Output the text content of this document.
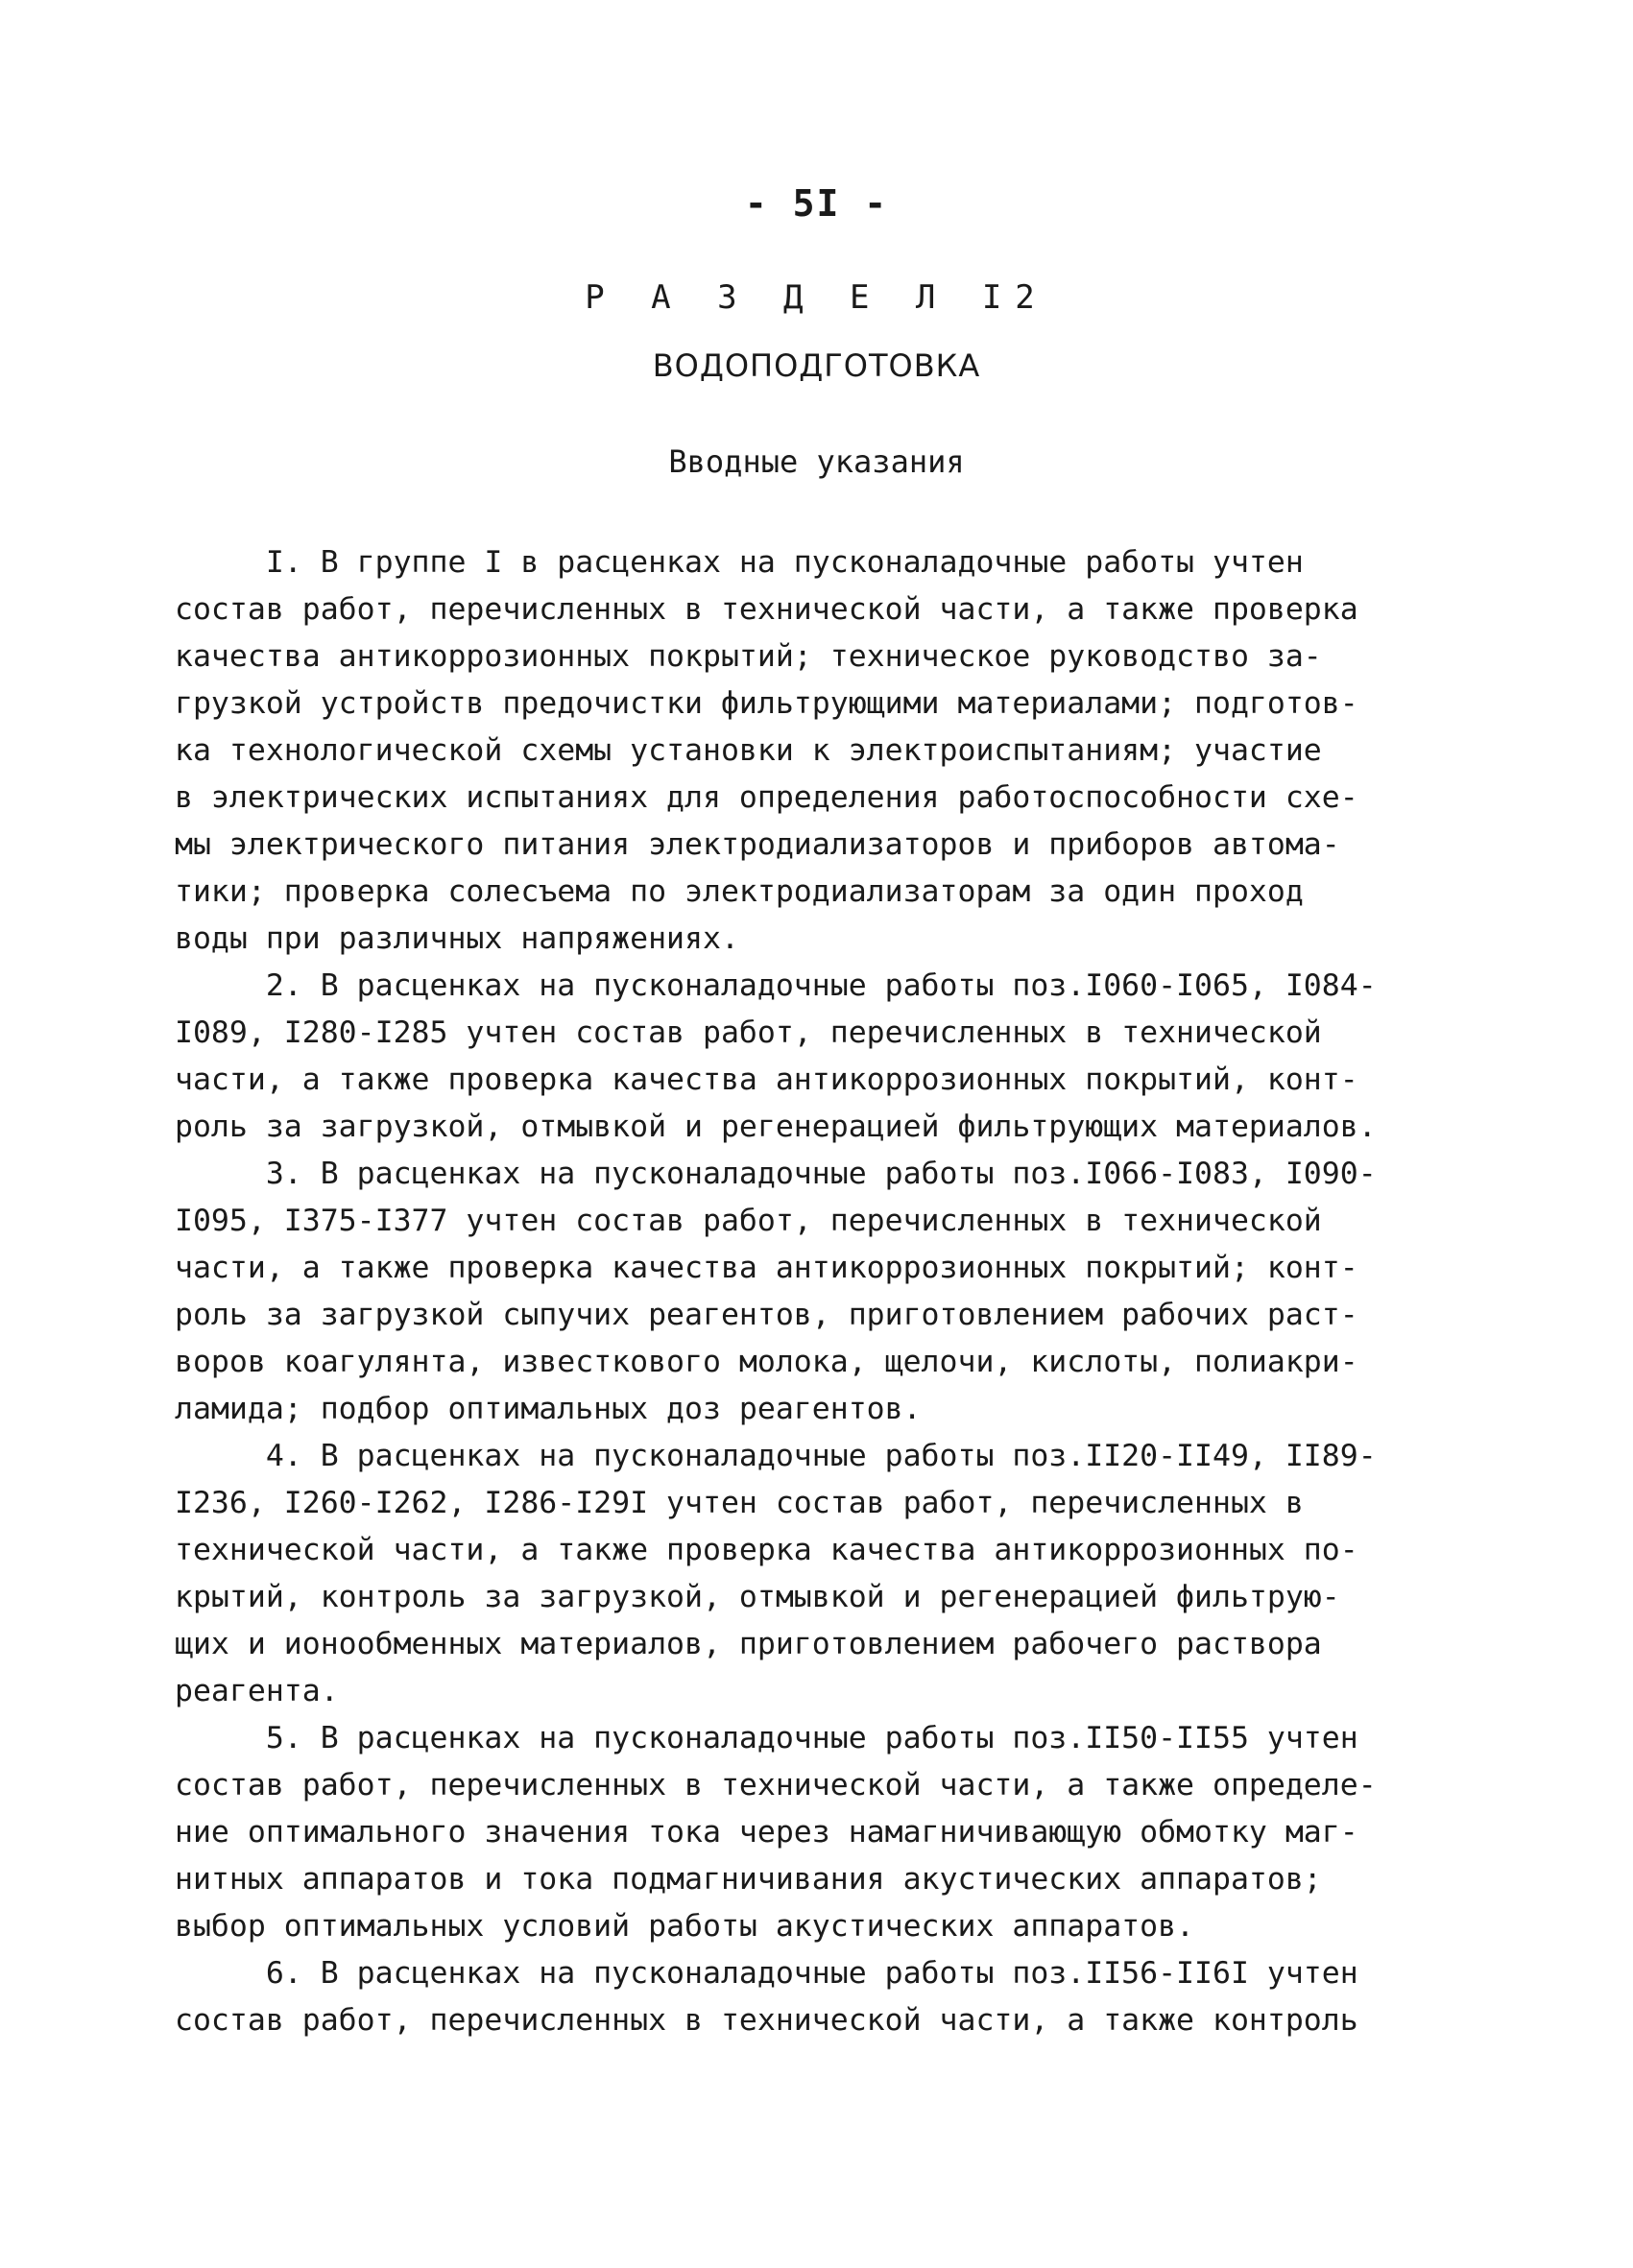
- 5I -
Р А З Д Е Л I2
ВОДОПОДГОТОВКА
Вводные указания
I. В группе I в расценках на пусконаладочные работы учтен
состав работ, перечисленных в технической части, а также проверка
качества антикоррозионных покрытий; техническое руководство за-
грузкой устройств предочистки фильтрующими материалами; подготов-
ка технологической схемы установки к электроиспытаниям; участие
в электрических испытаниях для определения работоспособности схе-
мы электрического питания электродиализаторов и приборов автома-
тики; проверка солесъема по электродиализаторам за один проход
воды при различных напряжениях.
2. В расценках на пусконаладочные работы поз.I060-I065, I084-
I089, I280-I285 учтен состав работ, перечисленных в технической
части, а также проверка качества антикоррозионных покрытий, конт-
роль за загрузкой, отмывкой и регенерацией фильтрующих материалов.
3. В расценках на пусконаладочные работы поз.I066-I083, I090-
I095, I375-I377 учтен состав работ, перечисленных в технической
части, а также проверка качества антикоррозионных покрытий; конт-
роль за загрузкой сыпучих реагентов, приготовлением рабочих раст-
воров коагулянта, известкового молока, щелочи, кислоты, полиакри-
ламида; подбор оптимальных доз реагентов.
4. В расценках на пусконаладочные работы поз.II20-II49, II89-
I236, I260-I262, I286-I29I учтен состав работ, перечисленных в
технической части, а также проверка качества антикоррозионных по-
крытий, контроль за загрузкой, отмывкой и регенерацией фильтрую-
щих и ионообменных материалов, приготовлением рабочего раствора
реагента.
5. В расценках на пусконаладочные работы поз.II50-II55 учтен
состав работ, перечисленных в технической части, а также определе-
ние оптимального значения тока через намагничивающую обмотку маг-
нитных аппаратов и тока подмагничивания акустических аппаратов;
выбор оптимальных условий работы акустических аппаратов.
6. В расценках на пусконаладочные работы поз.II56-II6I учтен
состав работ, перечисленных в технической части, а также контроль
